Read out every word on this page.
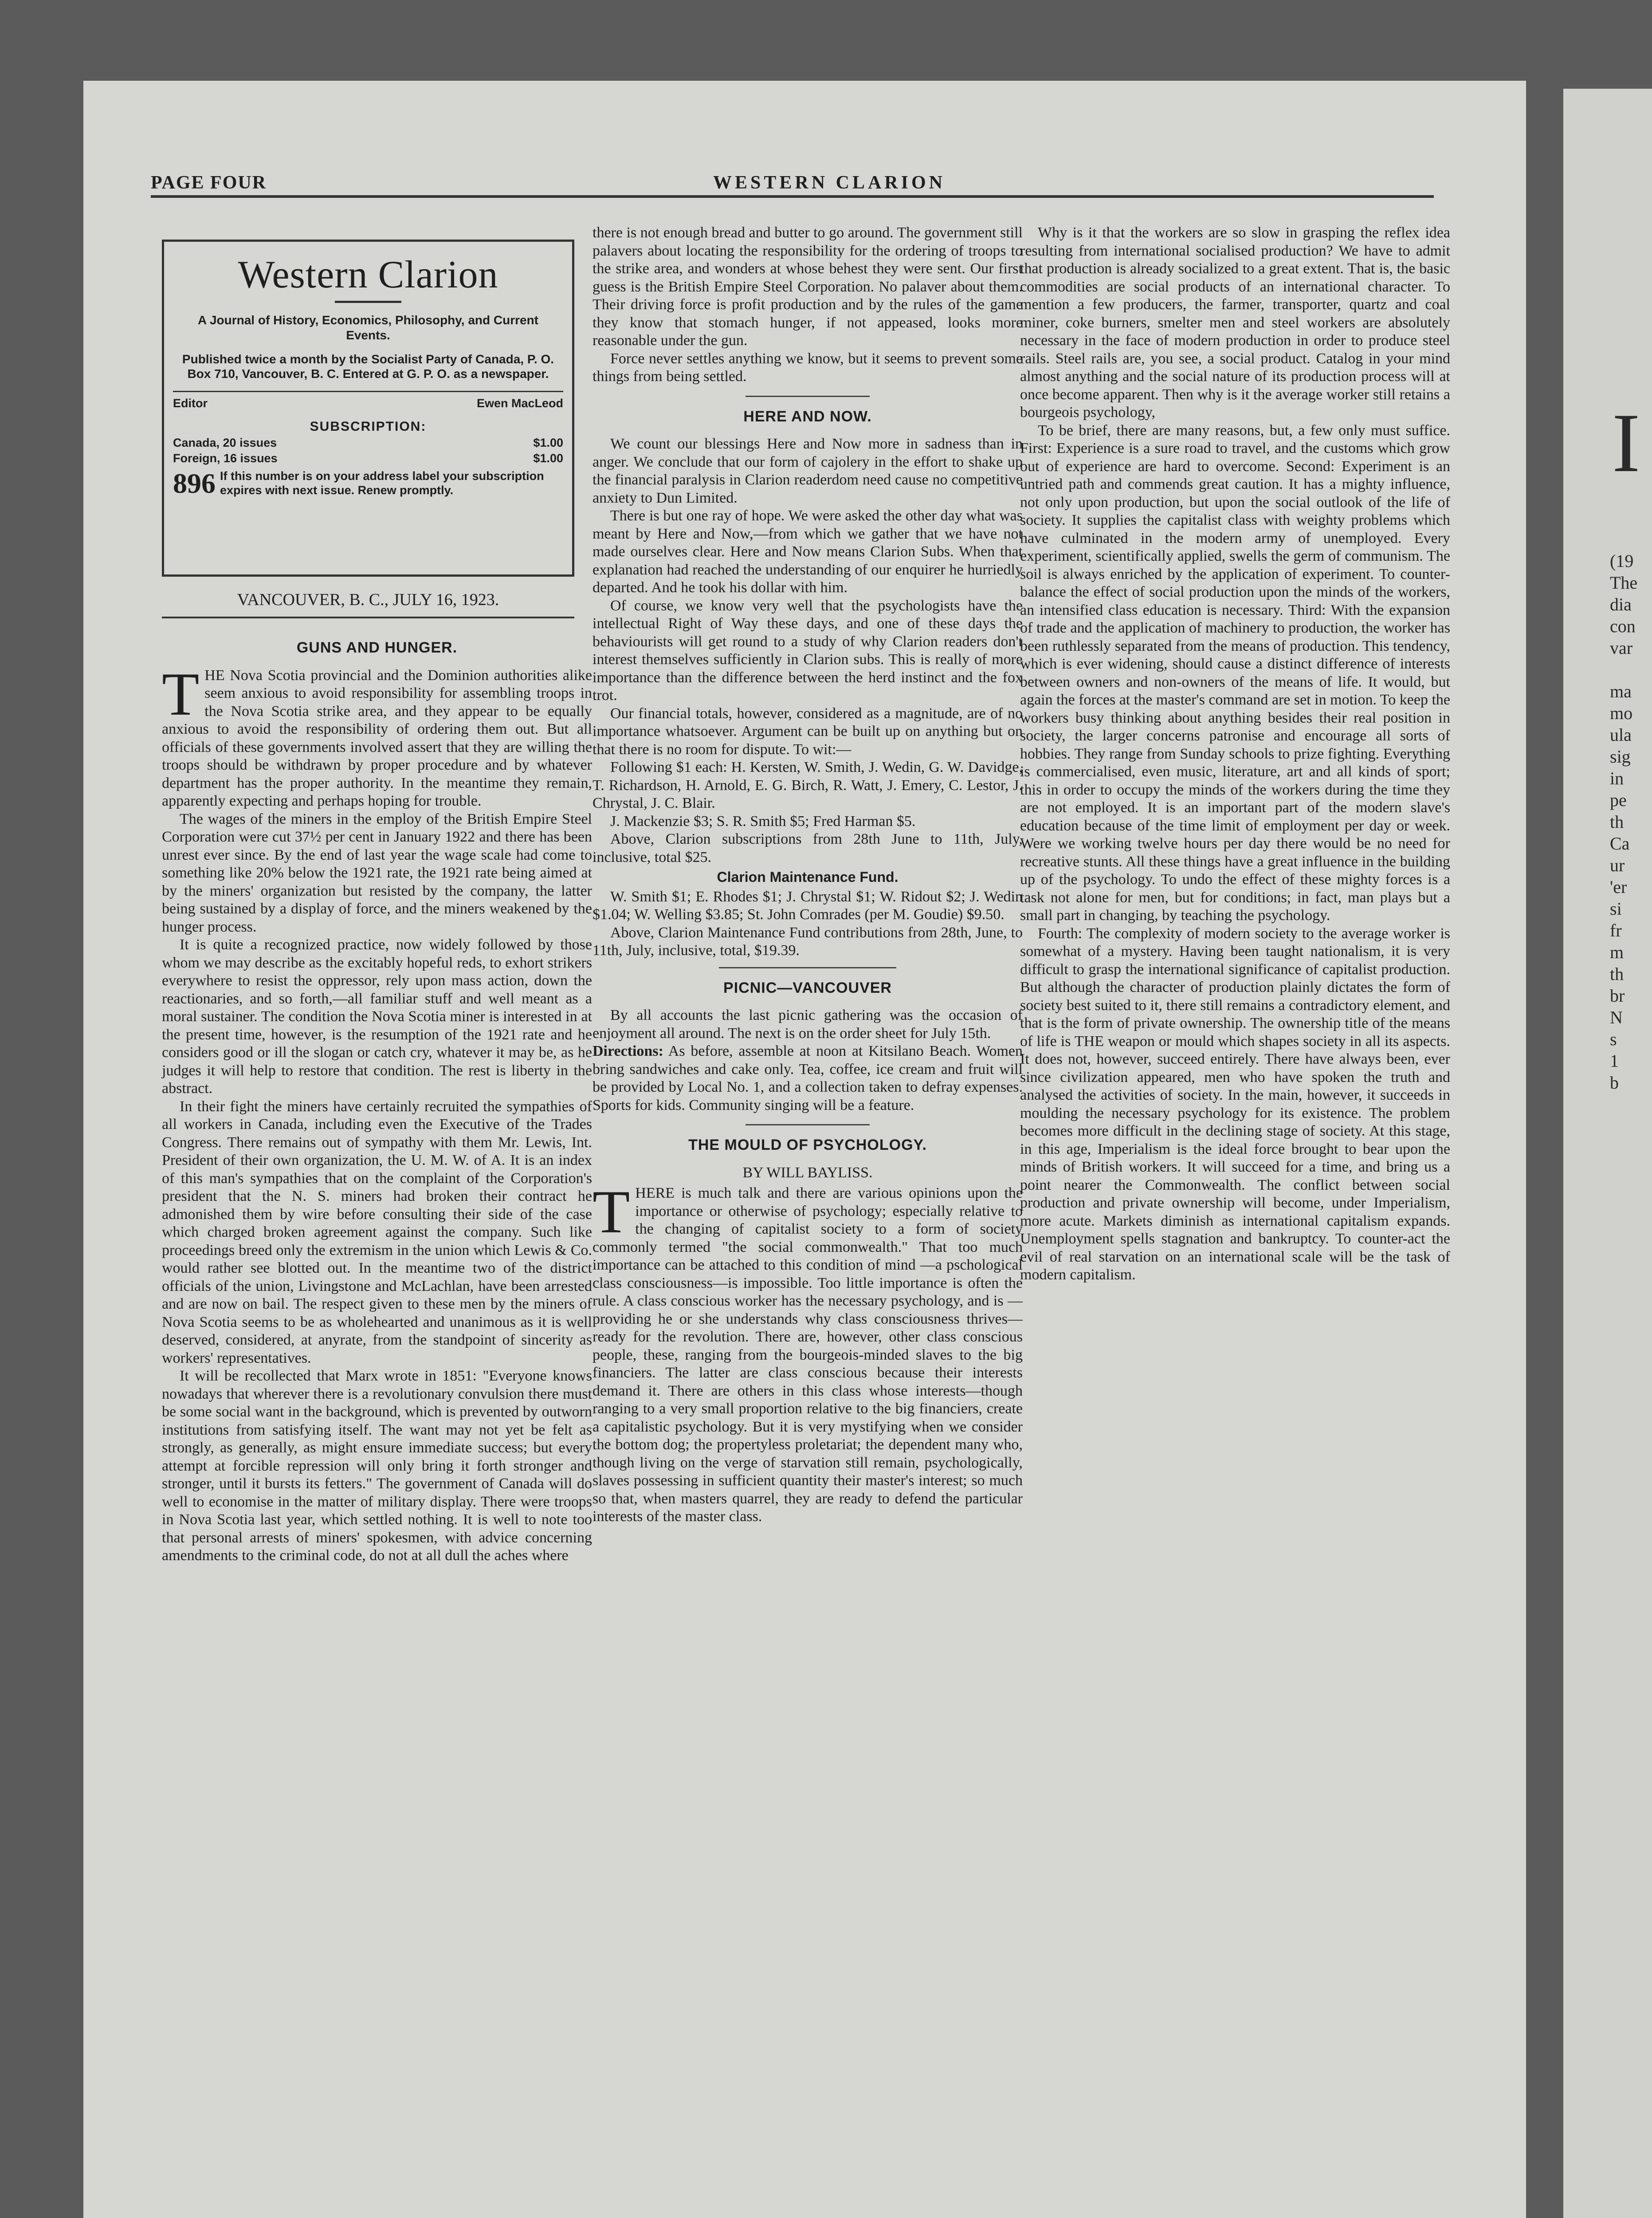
I
(19
The
dia
con
var

ma
mo
ula
sig
in
pe
th
Ca
ur
'er
si
fr
m
th
br
N
s
1
b
PAGE FOUR	WESTERN CLARION
Western Clarion
A Journal of History, Economics, Philosophy, and Current Events.
Published twice a month by the Socialist Party of Canada, P. O. Box 710, Vancouver, B. C. Entered at G. P. O. as a newspaper.
Editor	Ewen MacLeod
SUBSCRIPTION:
Canada, 20 issues	$1.00
Foreign, 16 issues	$1.00
896 If this number is on your address label your subscription expires with next issue. Renew promptly.
VANCOUVER, B. C., JULY 16, 1923.
GUNS AND HUNGER.

THE Nova Scotia provincial and the Dominion authorities alike seem anxious to avoid responsibility for assembling troops in the Nova Scotia strike area, and they appear to be equally anxious to avoid the responsibility of ordering them out. But all officials of these governments involved assert that they are willing the troops should be withdrawn by proper procedure and by whatever department has the proper authority. In the meantime they remain, apparently expecting and perhaps hoping for trouble.

The wages of the miners in the employ of the British Empire Steel Corporation were cut 37½ per cent in January 1922 and there has been unrest ever since. By the end of last year the wage scale had come to something like 20% below the 1921 rate, the 1921 rate being aimed at by the miners' organization but resisted by the company, the latter being sustained by a display of force, and the miners weakened by the hunger process.

It is quite a recognized practice, now widely followed by those whom we may describe as the excitably hopeful reds, to exhort strikers everywhere to resist the oppressor, rely upon mass action, down the reactionaries, and so forth,—all familiar stuff and well meant as a moral sustainer. The condition the Nova Scotia miner is interested in at the present time, however, is the resumption of the 1921 rate and he considers good or ill the slogan or catch cry, whatever it may be, as he judges it will help to restore that condition. The rest is liberty in the abstract.

In their fight the miners have certainly recruited the sympathies of all workers in Canada, including even the Executive of the Trades Congress. There remains out of sympathy with them Mr. Lewis, Int. President of their own organization, the U. M. W. of A. It is an index of this man's sympathies that on the complaint of the Corporation's president that the N. S. miners had broken their contract he admonished them by wire before consulting their side of the case which charged broken agreement against the company. Such like proceedings breed only the extremism in the union which Lewis & Co. would rather see blotted out. In the meantime two of the district officials of the union, Livingstone and McLachlan, have been arrested and are now on bail. The respect given to these men by the miners of Nova Scotia seems to be as wholehearted and unanimous as it is well deserved, considered, at anyrate, from the standpoint of sincerity as workers' representatives.

It will be recollected that Marx wrote in 1851: "Everyone knows nowadays that wherever there is a revolutionary convulsion there must be some social want in the background, which is prevented by outworn institutions from satisfying itself. The want may not yet be felt as strongly, as generally, as might ensure immediate success; but every attempt at forcible repression will only bring it forth stronger and stronger, until it bursts its fetters." The government of Canada will do well to economise in the matter of military display. There were troops in Nova Scotia last year, which settled nothing. It is well to note too that personal arrests of miners' spokesmen, with advice concerning amendments to the criminal code, do not at all dull the aches where

there is not enough bread and butter to go around. The government still palavers about locating the responsibility for the ordering of troops to the strike area, and wonders at whose behest they were sent. Our first guess is the British Empire Steel Corporation. No palaver about them. Their driving force is profit production and by the rules of the game they know that stomach hunger, if not appeased, looks more reasonable under the gun.

Force never settles anything we know, but it seems to prevent some things from being settled.

HERE AND NOW.

We count our blessings Here and Now more in sadness than in anger. We conclude that our form of cajolery in the effort to shake up the financial paralysis in Clarion readerdom need cause no competitive anxiety to Dun Limited.

There is but one ray of hope. We were asked the other day what was meant by Here and Now,—from which we gather that we have not made ourselves clear. Here and Now means Clarion Subs. When that explanation had reached the understanding of our enquirer he hurriedly departed. And he took his dollar with him.

Of course, we know very well that the psychologists have the intellectual Right of Way these days, and one of these days the behaviourists will get round to a study of why Clarion readers don't interest themselves sufficiently in Clarion subs. This is really of more importance than the difference between the herd instinct and the fox trot.

Our financial totals, however, considered as a magnitude, are of no importance whatsoever. Argument can be built up on anything but on that there is no room for dispute. To wit:—

Following $1 each: H. Kersten, W. Smith, J. Wedin, G. W. Davidge, T. Richardson, H. Arnold, E. G. Birch, R. Watt, J. Emery, C. Lestor, J. Chrystal, J. C. Blair.

J. Mackenzie $3; S. R. Smith $5; Fred Harman $5.

Above, Clarion subscriptions from 28th June to 11th, July, inclusive, total $25.

Clarion Maintenance Fund.

W. Smith $1; E. Rhodes $1; J. Chrystal $1; W. Ridout $2; J. Wedin $1.04; W. Welling $3.85; St. John Comrades (per M. Goudie) $9.50.

Above, Clarion Maintenance Fund contributions from 28th, June, to 11th, July, inclusive, total, $19.39.

PICNIC—VANCOUVER

By all accounts the last picnic gathering was the occasion of enjoyment all around. The next is on the order sheet for July 15th.

Directions: As before, assemble at noon at Kitsilano Beach. Women bring sandwiches and cake only. Tea, coffee, ice cream and fruit will be provided by Local No. 1, and a collection taken to defray expenses. Sports for kids. Community singing will be a feature.

THE MOULD OF PSYCHOLOGY.
BY WILL BAYLISS.

THERE is much talk and there are various opinions upon the importance or otherwise of psychology; especially relative to the changing of capitalist society to a form of society commonly termed "the social commonwealth." That too much importance can be attached to this condition of mind —a pschological class consciousness—is impossible. Too little importance is often the rule. A class conscious worker has the necessary psychology, and is —providing he or she understands why class consciousness thrives—ready for the revolution. There are, however, other class conscious people, these, ranging from the bourgeois-minded slaves to the big financiers. The latter are class conscious because their interests demand it. There are others in this class whose interests—though ranging to a very small proportion relative to the big financiers, create a capitalistic psychology. But it is very mystifying when we consider the bottom dog; the propertyless proletariat; the dependent many who, though living on the verge of starvation still remain, psychologically, slaves possessing in sufficient quantity their master's interest; so much so that, when masters quarrel, they are ready to defend the particular interests of the master class.

Why is it that the workers are so slow in grasping the reflex idea resulting from international socialised production? We have to admit that production is already socialized to a great extent. That is, the basic commodities are social products of an international character. To mention a few producers, the farmer, transporter, quartz and coal miner, coke burners, smelter men and steel workers are absolutely necessary in the face of modern production in order to produce steel rails. Steel rails are, you see, a social product. Catalog in your mind almost anything and the social nature of its production process will at once become apparent. Then why is it the average worker still retains a bourgeois psychology,

To be brief, there are many reasons, but, a few only must suffice. First: Experience is a sure road to travel, and the customs which grow out of experience are hard to overcome. Second: Experiment is an untried path and commends great caution. It has a mighty influence, not only upon production, but upon the social outlook of the life of society. It supplies the capitalist class with weighty problems which have culminated in the modern army of unemployed. Every experiment, scientifically applied, swells the germ of communism. The soil is always enriched by the application of experiment. To counter-balance the effect of social production upon the minds of the workers, an intensified class education is necessary. Third: With the expansion of trade and the application of machinery to production, the worker has been ruthlessly separated from the means of production. This tendency, which is ever widening, should cause a distinct difference of interests between owners and non-owners of the means of life. It would, but again the forces at the master's command are set in motion. To keep the workers busy thinking about anything besides their real position in society, the larger concerns patronise and encourage all sorts of hobbies. They range from Sunday schools to prize fighting. Everything is commercialised, even music, literature, art and all kinds of sport; this in order to occupy the minds of the workers during the time they are not employed. It is an important part of the modern slave's education because of the time limit of employment per day or week. Were we working twelve hours per day there would be no need for recreative stunts. All these things have a great influence in the building up of the psychology. To undo the effect of these mighty forces is a task not alone for men, but for conditions; in fact, man plays but a small part in changing, by teaching the psychology.

Fourth: The complexity of modern society to the average worker is somewhat of a mystery. Having been taught nationalism, it is very difficult to grasp the international significance of capitalist production. But although the character of production plainly dictates the form of society best suited to it, there still remains a contradictory element, and that is the form of private ownership. The ownership title of the means of life is THE weapon or mould which shapes society in all its aspects. It does not, however, succeed entirely. There have always been, ever since civilization appeared, men who have spoken the truth and analysed the activities of society. In the main, however, it succeeds in moulding the necessary psychology for its existence. The problem becomes more difficult in the declining stage of society. At this stage, in this age, Imperialism is the ideal force brought to bear upon the minds of British workers. It will succeed for a time, and bring us a point nearer the Commonwealth. The conflict between social production and private ownership will become, under Imperialism, more acute. Markets diminish as international capitalism expands. Unemployment spells stagnation and bankruptcy. To counter-act the evil of real starvation on an international scale will be the task of modern capitalism.
